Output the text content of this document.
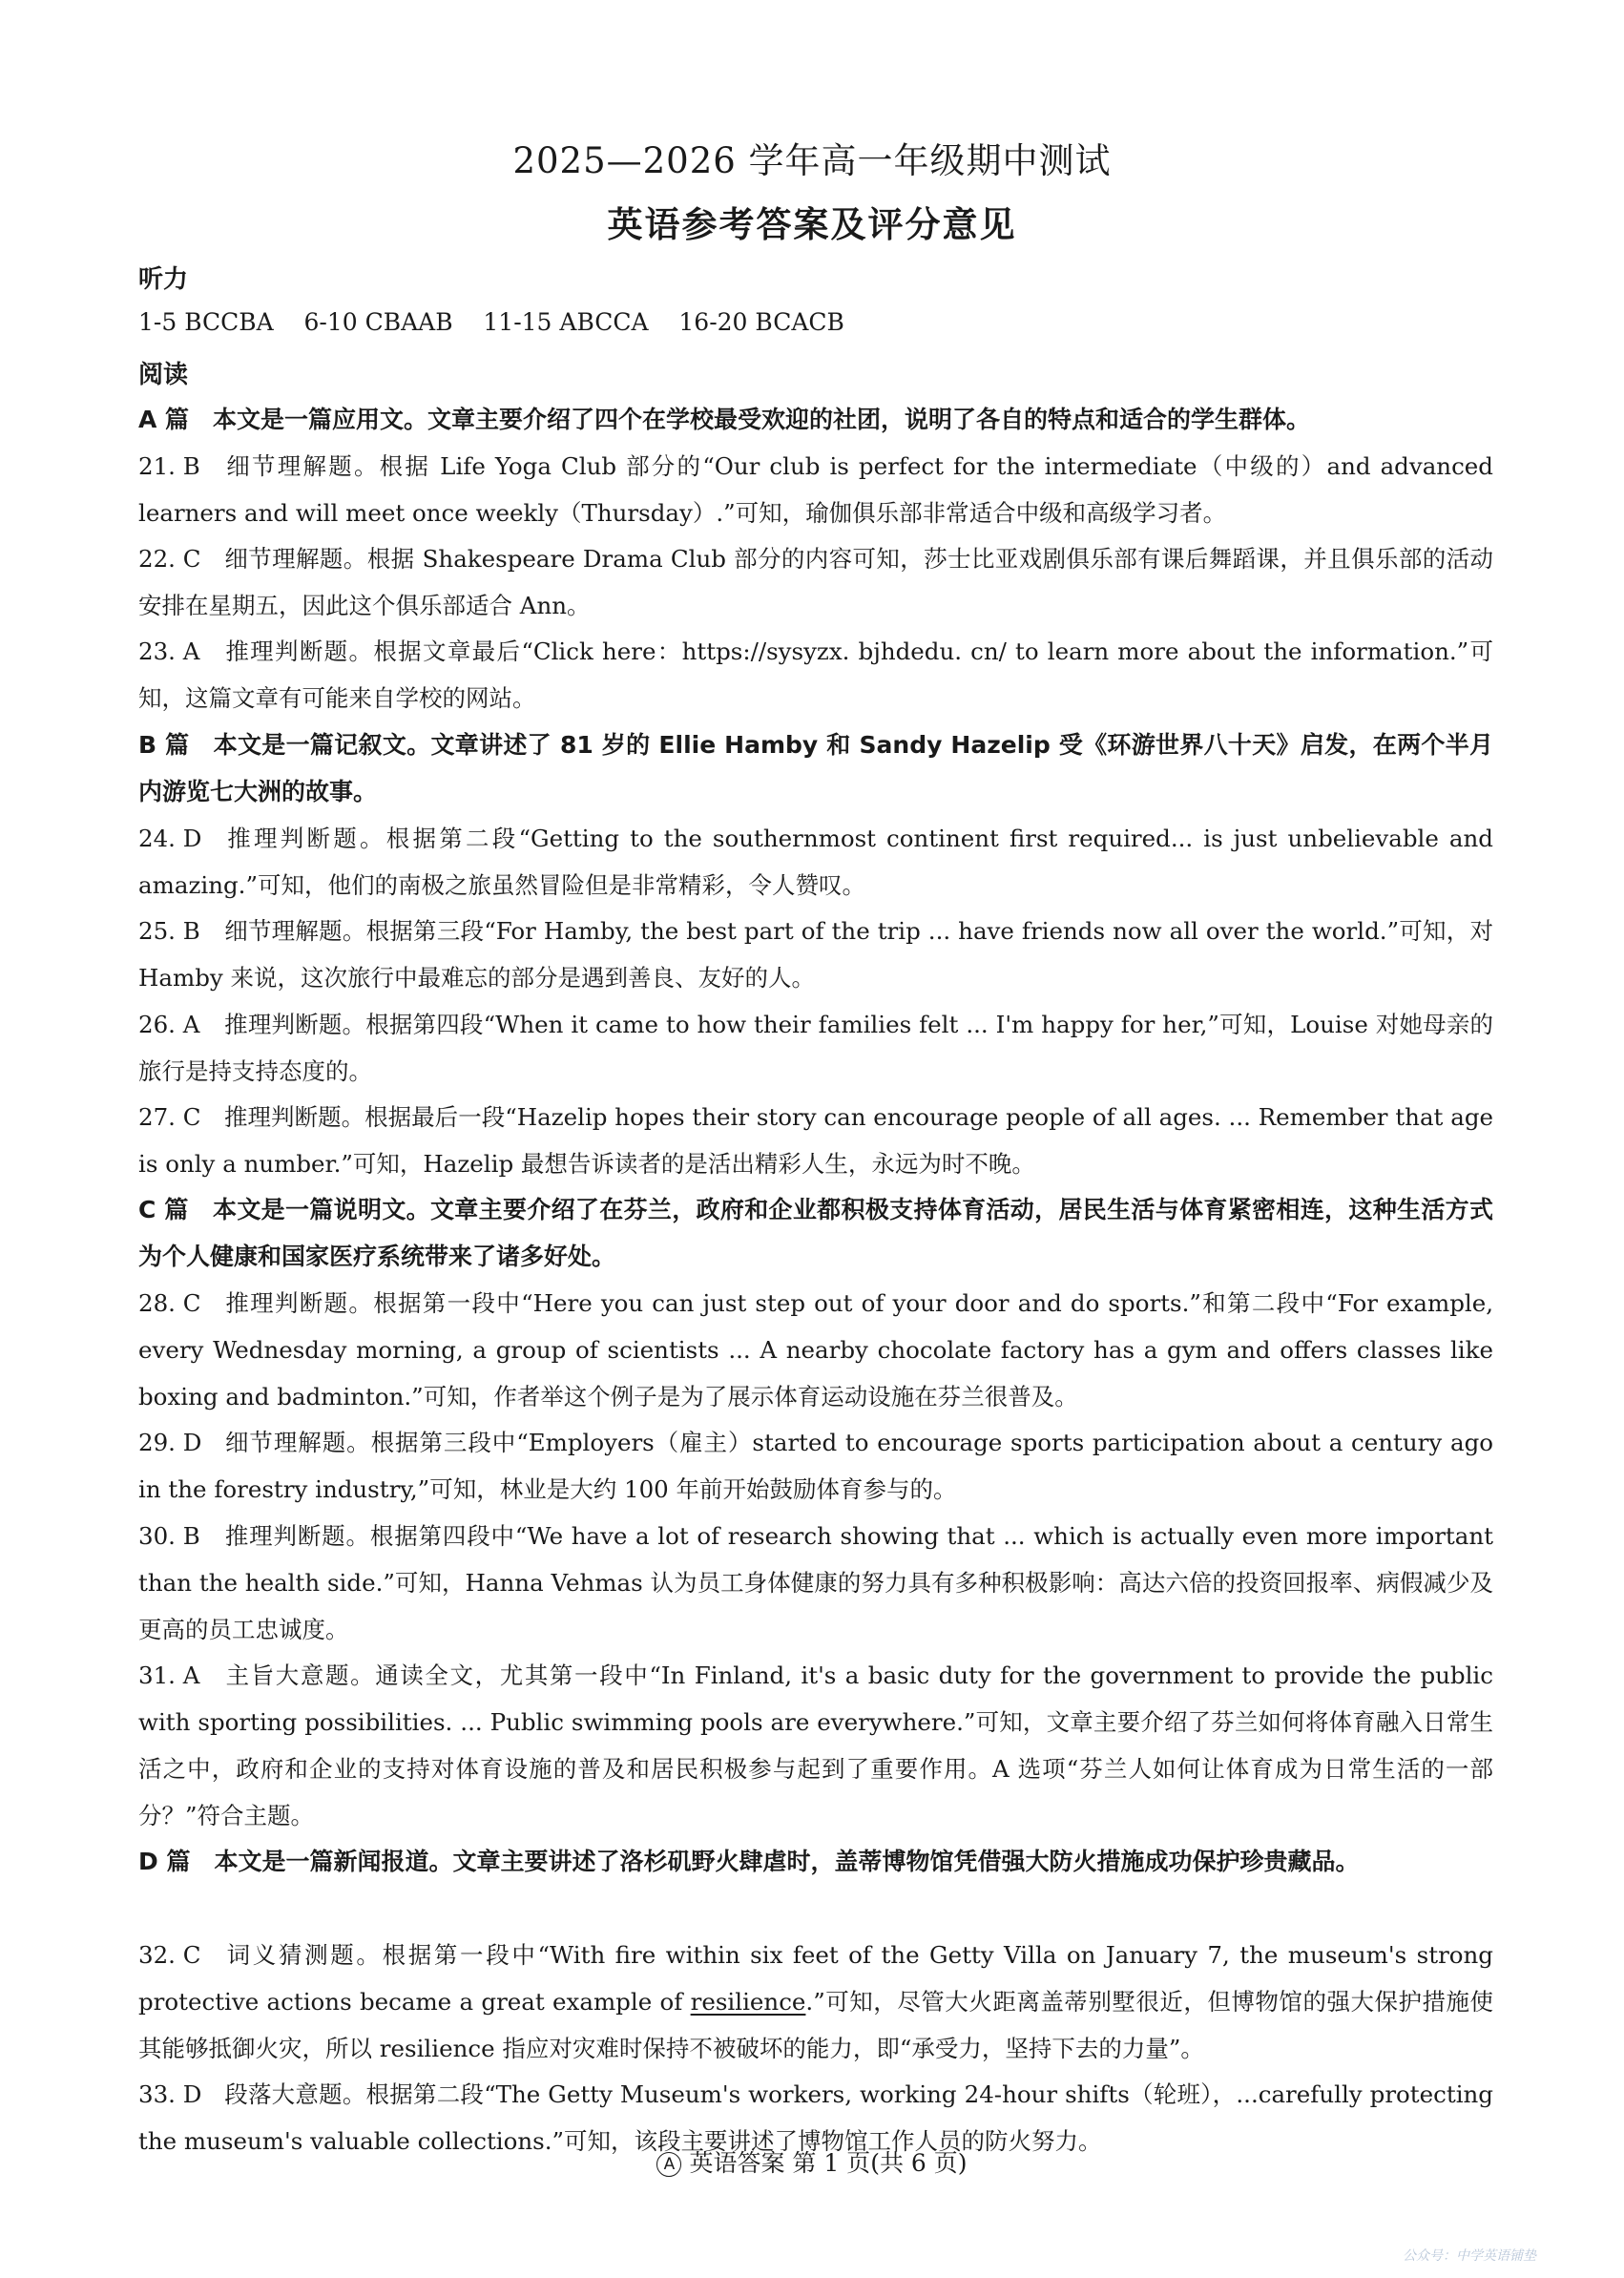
2025—2026 学年高一年级期中测试
英语参考答案及评分意见
听力
1-5 BCCBA    6-10 CBAAB    11-15 ABCCA    16-20 BCACB
阅读
A 篇　本文是一篇应用文。文章主要介绍了四个在学校最受欢迎的社团，说明了各自的特点和适合的学生群体。
21. B 细节理解题。根据 Life Yoga Club 部分的“Our club is perfect for the intermediate（中级的）and advanced learners and will meet once weekly（Thursday）.”可知，瑜伽俱乐部非常适合中级和高级学习者。
22. C 细节理解题。根据 Shakespeare Drama Club 部分的内容可知，莎士比亚戏剧俱乐部有课后舞蹈课，并且俱乐部的活动安排在星期五，因此这个俱乐部适合 Ann。
23. A 推理判断题。根据文章最后“Click here：https://sysyzx. bjhdedu. cn/ to learn more about the information.”可知，这篇文章有可能来自学校的网站。
B 篇　本文是一篇记叙文。文章讲述了 81 岁的 Ellie Hamby 和 Sandy Hazelip 受《环游世界八十天》启发，在两个半月内游览七大洲的故事。
24. D 推理判断题。根据第二段“Getting to the southernmost continent first required... is just unbelievable and amazing.”可知，他们的南极之旅虽然冒险但是非常精彩，令人赞叹。
25. B 细节理解题。根据第三段“For Hamby, the best part of the trip ... have friends now all over the world.”可知，对 Hamby 来说，这次旅行中最难忘的部分是遇到善良、友好的人。
26. A 推理判断题。根据第四段“When it came to how their families felt ... I'm happy for her,”可知，Louise 对她母亲的旅行是持支持态度的。
27. C 推理判断题。根据最后一段“Hazelip hopes their story can encourage people of all ages. ... Remember that age is only a number.”可知，Hazelip 最想告诉读者的是活出精彩人生，永远为时不晚。
C 篇　本文是一篇说明文。文章主要介绍了在芬兰，政府和企业都积极支持体育活动，居民生活与体育紧密相连，这种生活方式为个人健康和国家医疗系统带来了诸多好处。
28. C 推理判断题。根据第一段中“Here you can just step out of your door and do sports.”和第二段中“For example, every Wednesday morning, a group of scientists ... A nearby chocolate factory has a gym and offers classes like boxing and badminton.”可知，作者举这个例子是为了展示体育运动设施在芬兰很普及。
29. D 细节理解题。根据第三段中“Employers（雇主）started to encourage sports participation about a century ago in the forestry industry,”可知，林业是大约 100 年前开始鼓励体育参与的。
30. B 推理判断题。根据第四段中“We have a lot of research showing that ... which is actually even more important than the health side.”可知，Hanna Vehmas 认为员工身体健康的努力具有多种积极影响：高达六倍的投资回报率、病假减少及更高的员工忠诚度。
31. A 主旨大意题。通读全文，尤其第一段中“In Finland, it's a basic duty for the government to provide the public with sporting possibilities. ... Public swimming pools are everywhere.”可知，文章主要介绍了芬兰如何将体育融入日常生活之中，政府和企业的支持对体育设施的普及和居民积极参与起到了重要作用。A 选项“芬兰人如何让体育成为日常生活的一部分？”符合主题。
D 篇　本文是一篇新闻报道。文章主要讲述了洛杉矶野火肆虐时，盖蒂博物馆凭借强大防火措施成功保护珍贵藏品。
32. C 词义猜测题。根据第一段中“With fire within six feet of the Getty Villa on January 7, the museum's strong protective actions became a great example of resilience.”可知，尽管大火距离盖蒂别墅很近，但博物馆的强大保护措施使其能够抵御火灾，所以 resilience 指应对灾难时保持不被破坏的能力，即“承受力，坚持下去的力量”。
33. D 段落大意题。根据第二段“The Getty Museum's workers, working 24-hour shifts（轮班），...carefully protecting the museum's valuable collections.”可知，该段主要讲述了博物馆工作人员的防火努力。
A 英语答案 第 1 页(共 6 页)
公众号：中学英语铺垫
